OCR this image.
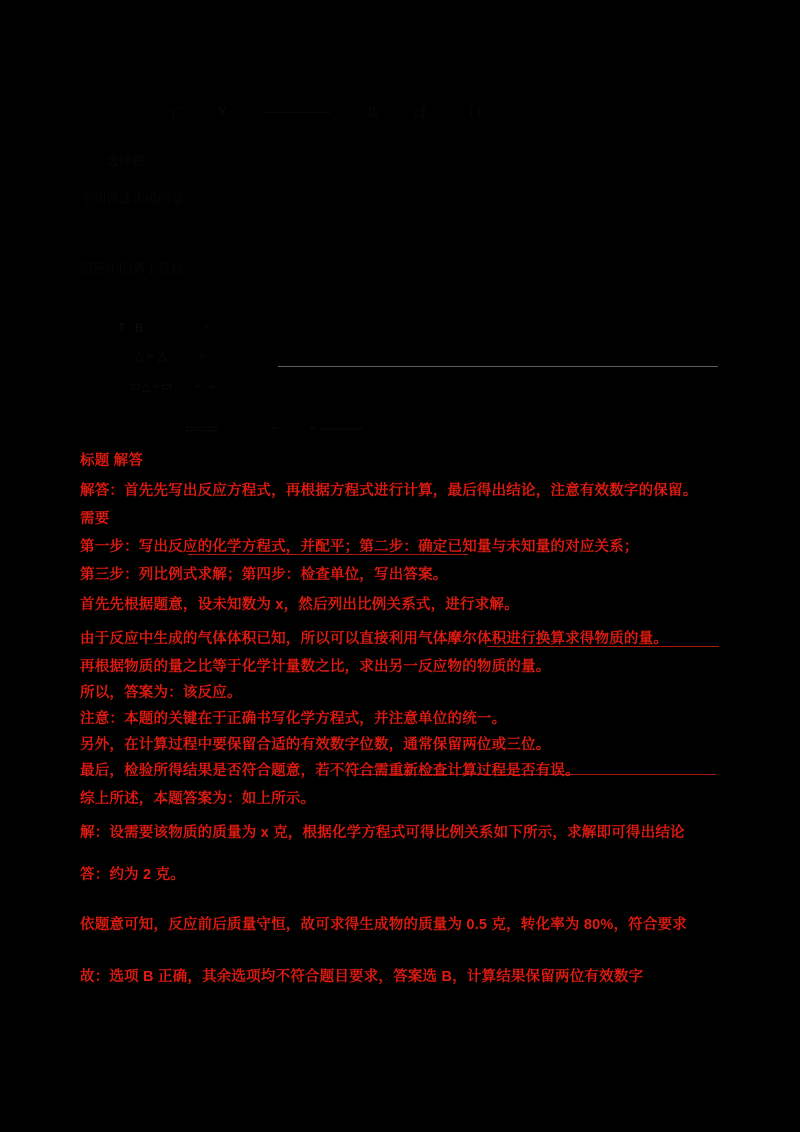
亡	Y	—————	盐	ば	（）
一、选择题
下列说法正确的是
溶液中的离子反应
T   B              ⁻  ⁺
△ ⌐ △          ⌐
▭△ ⌐▭       ⌐  ⌐
▭▭▭                ⌐         ⌐ ———⌐
标题 解答
解答：首先先写出反应方程式，再根据方程式进行计算，最后得出结论，注意有效数字的保留。
需要
第一步：写出反应的化学方程式，并配平；第二步：确定已知量与未知量的对应关系；
第三步：列比例式求解；第四步：检查单位，写出答案。
首先先根据题意，设未知数为 x，然后列出比例关系式，进行求解。
由于反应中生成的气体体积已知，所以可以直接利用气体摩尔体积进行换算求得物质的量。
再根据物质的量之比等于化学计量数之比，求出另一反应物的物质的量。
所以，答案为：该反应。
注意：本题的关键在于正确书写化学方程式，并注意单位的统一。
另外，在计算过程中要保留合适的有效数字位数，通常保留两位或三位。
最后，检验所得结果是否符合题意，若不符合需重新检查计算过程是否有误。
综上所述，本题答案为：如上所示。
解：设需要该物质的质量为 x 克，根据化学方程式可得比例关系如下所示，求解即可得出结论
答：约为 2 克。
依题意可知，反应前后质量守恒，故可求得生成物的质量为 0.5 克，转化率为 80%，符合要求
故：选项 B 正确，其余选项均不符合题目要求，答案选 B，计算结果保留两位有效数字
